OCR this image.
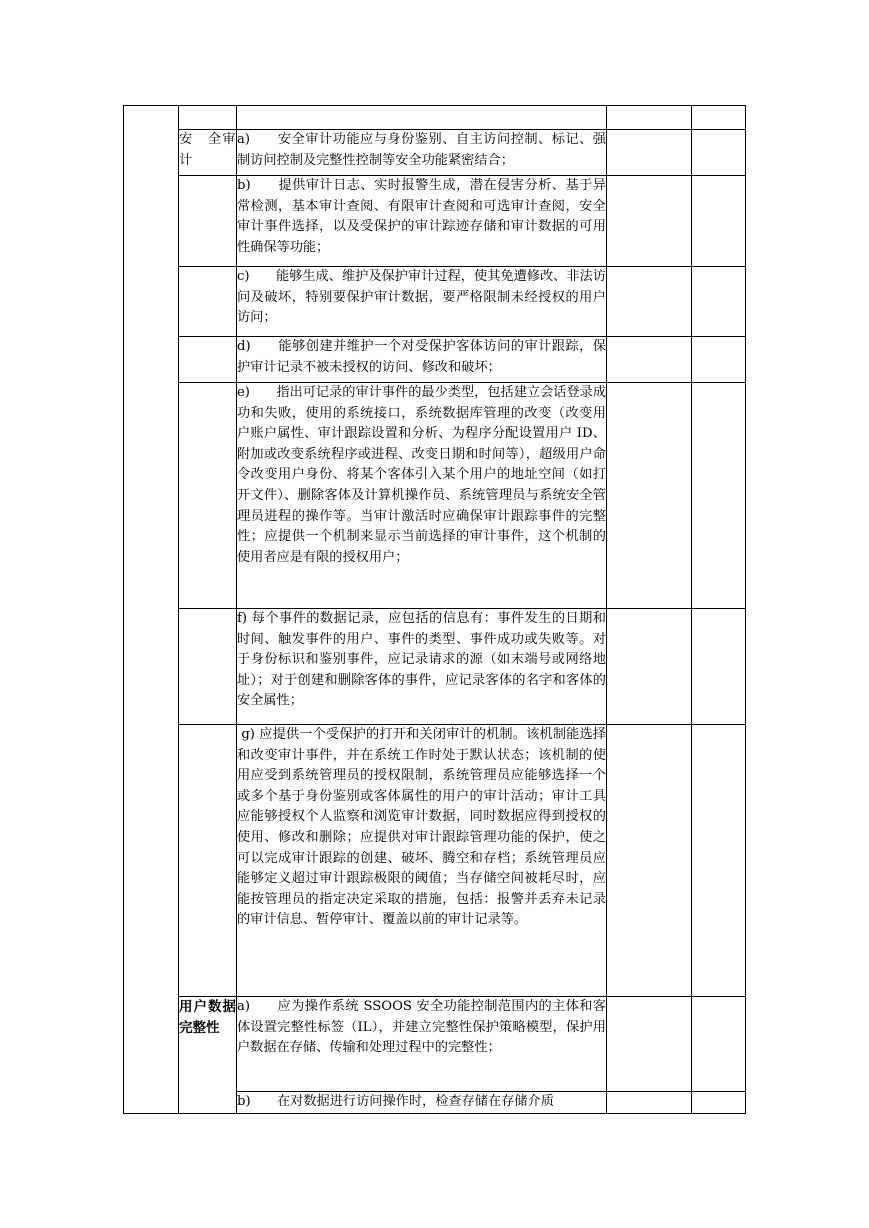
	安　全审计	a)　　安全审计功能应与身份鉴别、自主访问控制、标记、强制访问控制及完整性控制等安全功能紧密结合；		
		b)　　提供审计日志、实时报警生成，潜在侵害分析、基于异常检测，基本审计查阅、有限审计查阅和可选审计查阅，安全审计事件选择，以及受保护的审计踪迹存储和审计数据的可用性确保等功能；		
		c)　　能够生成、维护及保护审计过程，使其免遭修改、非法访问及破坏，特别要保护审计数据，要严格限制未经授权的用户访问；		
		d)　　能够创建并维护一个对受保护客体访问的审计跟踪，保护审计记录不被未授权的访问、修改和破坏；		
		e)　　指出可记录的审计事件的最少类型，包括建立会话登录成功和失败，使用的系统接口，系统数据库管理的改变（改变用户账户属性、审计跟踪设置和分析、为程序分配设置用户 ID、附加或改变系统程序或进程、改变日期和时间等），超级用户命令改变用户身份、将某个客体引入某个用户的地址空间（如打开文件）、删除客体及计算机操作员、系统管理员与系统安全管理员进程的操作等。当审计激活时应确保审计跟踪事件的完整性；应提供一个机制来显示当前选择的审计事件，这个机制的使用者应是有限的授权用户；		
		f) 每个事件的数据记录，应包括的信息有：事件发生的日期和时间、触发事件的用户、事件的类型、事件成功或失败等。对于身份标识和鉴别事件，应记录请求的源（如末端号或网络地址）；对于创建和删除客体的事件，应记录客体的名字和客体的安全属性；		
		g) 应提供一个受保护的打开和关闭审计的机制。该机制能选择和改变审计事件，并在系统工作时处于默认状态；该机制的使用应受到系统管理员的授权限制，系统管理员应能够选择一个或多个基于身份鉴别或客体属性的用户的审计活动；审计工具应能够授权个人监察和浏览审计数据，同时数据应得到授权的使用、修改和删除；应提供对审计跟踪管理功能的保护，使之可以完成审计跟踪的创建、破坏、腾空和存档；系统管理员应能够定义超过审计跟踪极限的阈值；当存储空间被耗尽时，应能按管理员的指定决定采取的措施，包括：报警并丢弃未记录的审计信息、暂停审计、覆盖以前的审计记录等。		

	用户数据完整性	a)　　应为操作系统 SSOOS 安全功能控制范围内的主体和客体设置完整性标签（IL），并建立完整性保护策略模型，保护用户数据在存储、传输和处理过程中的完整性；		
		b)　　在对数据进行访问操作时，检查存储在存储介质		
